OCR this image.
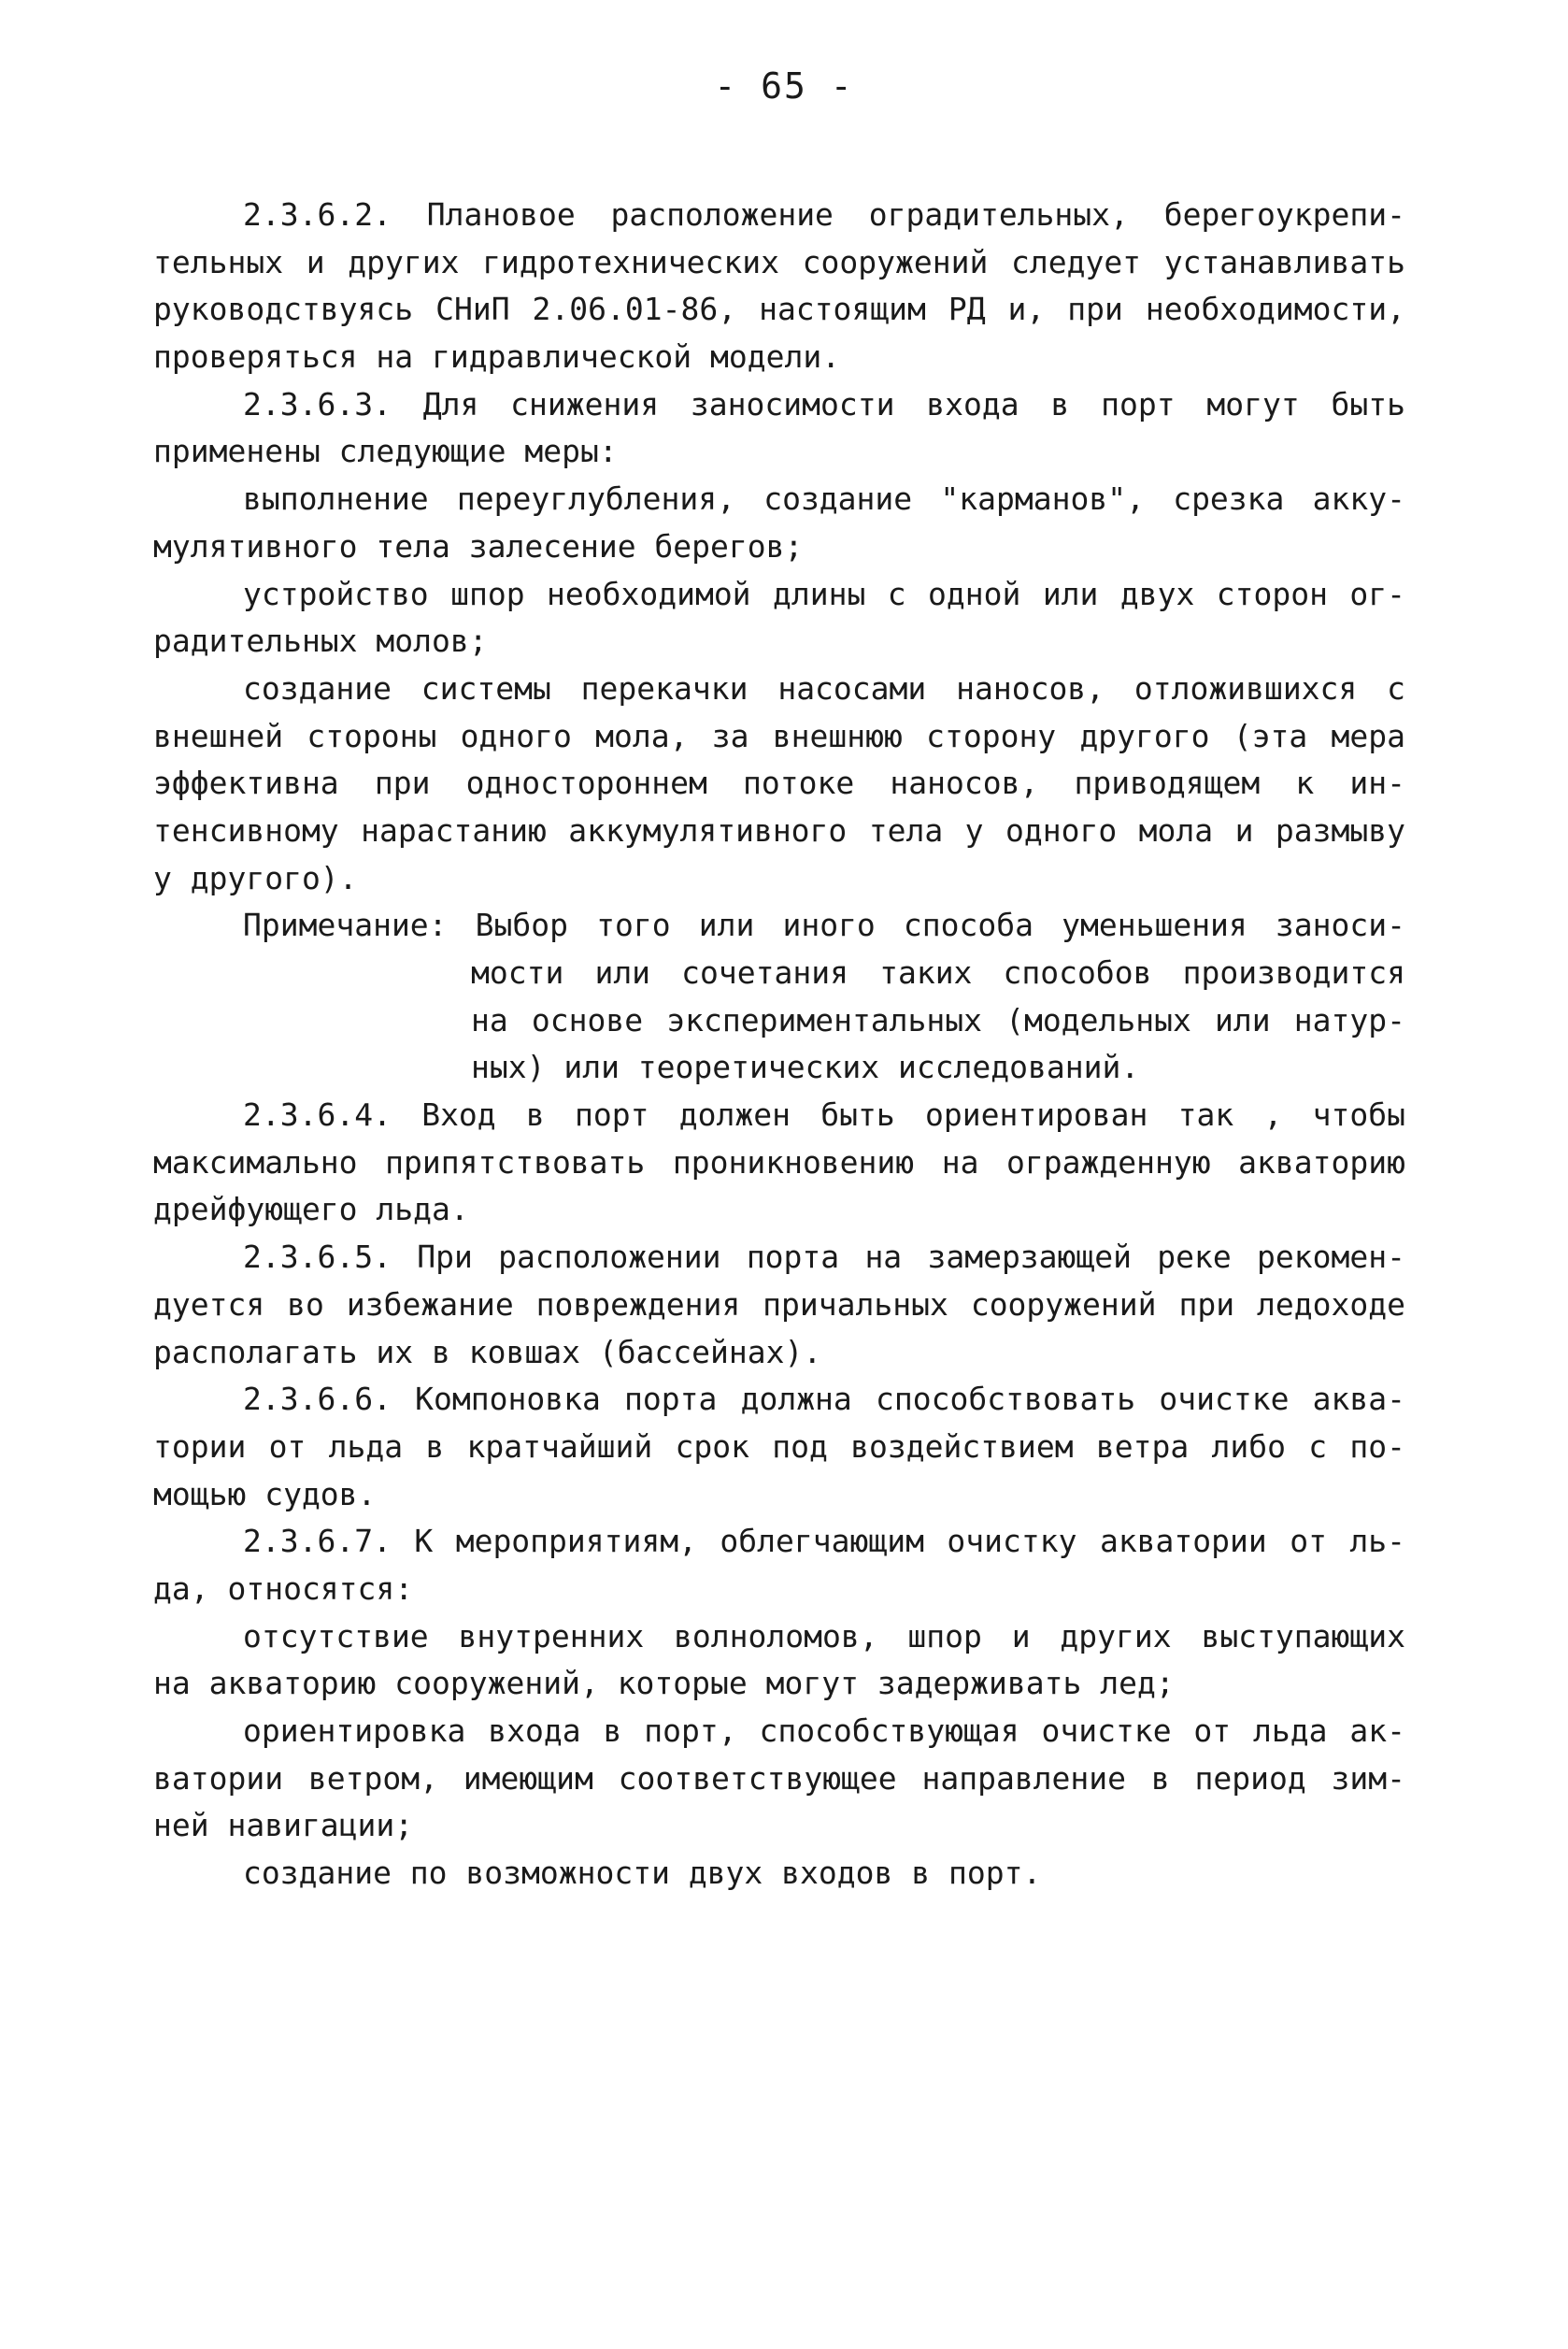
- 65 -
2.3.6.2. Плановое расположение оградительных, берегоукрепи-
тельных и других гидротехнических сооружений следует устанавливать
руководствуясь СНиП 2.06.01-86, настоящим РД и, при необходимости,
проверяться на гидравлической модели.
2.3.6.3. Для снижения заносимости входа в порт могут быть
применены следующие меры:
выполнение переуглубления, создание "карманов", срезка акку-
мулятивного тела залесение берегов;
устройство шпор необходимой длины с одной или двух сторон ог-
радительных молов;
создание системы перекачки насосами наносов, отложившихся с
внешней стороны одного мола, за внешнюю сторону другого (эта мера
эффективна при одностороннем потоке наносов, приводящем к ин-
тенсивному нарастанию аккумулятивного тела у одного мола и размыву
у другого).
Примечание: Выбор того или иного способа уменьшения заноси-
мости или сочетания таких способов производится
на основе экспериментальных (модельных или натур-
ных) или теоретических исследований.
2.3.6.4. Вход в порт должен быть ориентирован так , чтобы
максимально припятствовать проникновению на огражденную акваторию
дрейфующего льда.
2.3.6.5. При расположении порта на замерзающей реке рекомен-
дуется во избежание повреждения причальных сооружений при ледоходе
располагать их в ковшах (бассейнах).
2.3.6.6. Компоновка порта должна способствовать очистке аква-
тории от льда в кратчайший срок под воздействием ветра либо с по-
мощью судов.
2.3.6.7. К мероприятиям, облегчающим очистку акватории от ль-
да, относятся:
отсутствие внутренних волноломов, шпор и других выступающих
на акваторию сооружений, которые могут задерживать лед;
ориентировка входа в порт, способствующая очистке от льда ак-
ватории ветром, имеющим соответствующее направление в период зим-
ней навигации;
создание по возможности двух входов в порт.
